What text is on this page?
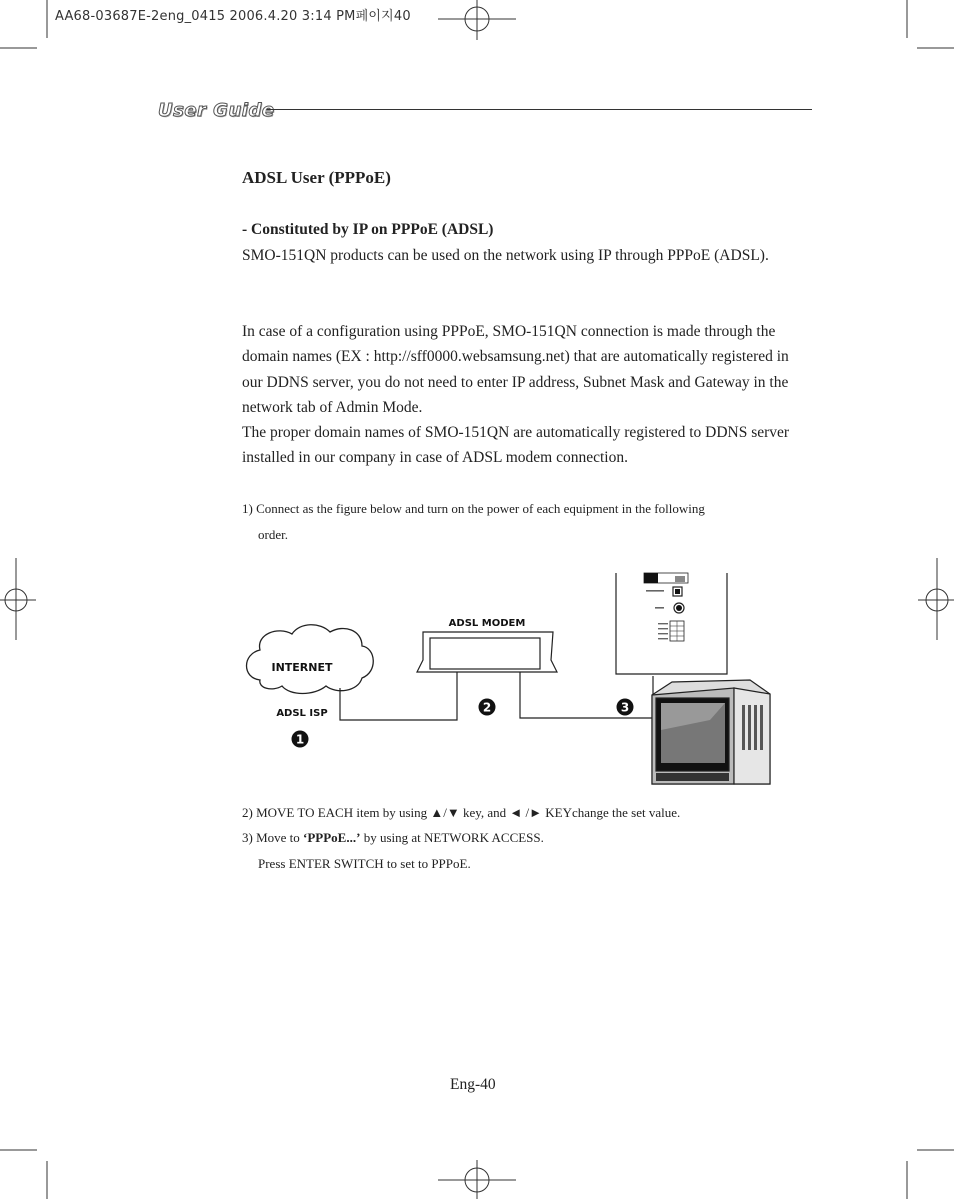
AA68-03687E-2eng_0415 2006.4.20 3:14 PM페이지40
User Guide
ADSL User (PPPoE)
- Constituted by IP on PPPoE (ADSL)
SMO-151QN products can be used on the network using IP through PPPoE (ADSL).
In case of a configuration using PPPoE, SMO-151QN connection is made through the domain names (EX : http://sff0000.websamsung.net) that are automatically registered in our DDNS server, you do not need to enter IP address, Subnet Mask and Gateway in the network tab of Admin Mode.
The proper domain names of SMO-151QN are automatically registered to DDNS server installed in our company in case of ADSL modem connection.
1) Connect as the figure below and turn on the power of each equipment in the following
order.
INTERNET
ADSL ISP
ADSL MODEM
1
2	3
2) MOVE TO EACH item by using ▲/▼ key, and ◄ /► KEYchange the set value.
3) Move to ‘PPPoE...’ by using at NETWORK ACCESS.
Press ENTER SWITCH to set to PPPoE.
Eng-40
